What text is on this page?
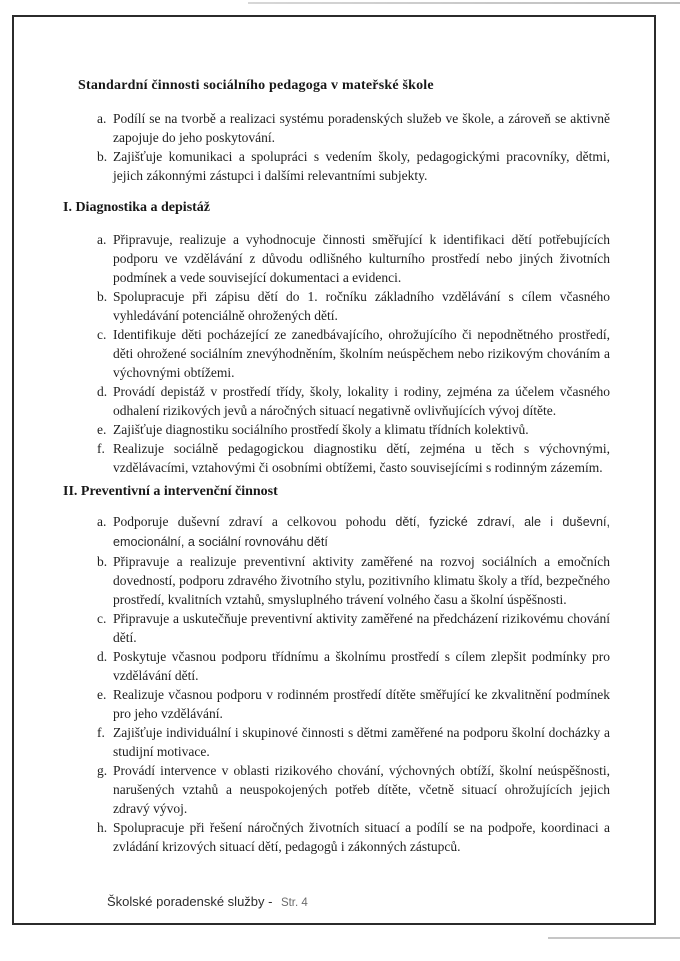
Standardní činnosti sociálního pedagoga v mateřské škole
a. Podílí se na tvorbě a realizaci systému poradenských služeb ve škole, a zároveň se aktivně zapojuje do jeho poskytování.
b. Zajišťuje komunikaci a spolupráci s vedením školy, pedagogickými pracovníky, dětmi, jejich zákonnými zástupci i dalšími relevantními subjekty.
I. Diagnostika a depistáž
a. Připravuje, realizuje a vyhodnocuje činnosti směřující k identifikaci dětí potřebujících podporu ve vzdělávání z důvodu odlišného kulturního prostředí nebo jiných životních podmínek a vede související dokumentaci a evidenci.
b. Spolupracuje při zápisu dětí do 1. ročníku základního vzdělávání s cílem včasného vyhledávání potenciálně ohrožených dětí.
c. Identifikuje děti pocházející ze zanedbávajícího, ohrožujícího či nepodnětného prostředí, děti ohrožené sociálním znevýhodněním, školním neúspěchem nebo rizikovým chováním a výchovnými obtížemi.
d. Provádí depistáž v prostředí třídy, školy, lokality i rodiny, zejména za účelem včasného odhalení rizikových jevů a náročných situací negativně ovlivňujících vývoj dítěte.
e. Zajišťuje diagnostiku sociálního prostředí školy a klimatu třídních kolektivů.
f. Realizuje sociálně pedagogickou diagnostiku dětí, zejména u těch s výchovnými, vzdělávacími, vztahovými či osobními obtížemi, často souvisejícími s rodinným zázemím.
II. Preventivní a intervenční činnost
a. Podporuje duševní zdraví a celkovou pohodu dětí, fyzické zdraví, ale i duševní, emocionální, a sociální rovnováhu dětí
b. Připravuje a realizuje preventivní aktivity zaměřené na rozvoj sociálních a emočních dovedností, podporu zdravého životního stylu, pozitivního klimatu školy a tříd, bezpečného prostředí, kvalitních vztahů, smysluplného trávení volného času a školní úspěšnosti.
c. Připravuje a uskutečňuje preventivní aktivity zaměřené na předcházení rizikovému chování dětí.
d. Poskytuje včasnou podporu třídnímu a školnímu prostředí s cílem zlepšit podmínky pro vzdělávání dětí.
e. Realizuje včasnou podporu v rodinném prostředí dítěte směřující ke zkvalitnění podmínek pro jeho vzdělávání.
f. Zajišťuje individuální i skupinové činnosti s dětmi zaměřené na podporu školní docházky a studijní motivace.
g. Provádí intervence v oblasti rizikového chování, výchovných obtíží, školní neúspěšnosti, narušených vztahů a neuspokojených potřeb dítěte, včetně situací ohrožujících jejich zdravý vývoj.
h. Spolupracuje při řešení náročných životních situací a podílí se na podpoře, koordinaci a zvládání krizových situací dětí, pedagogů i zákonných zástupců.
Školské poradenské služby - Str. 4
